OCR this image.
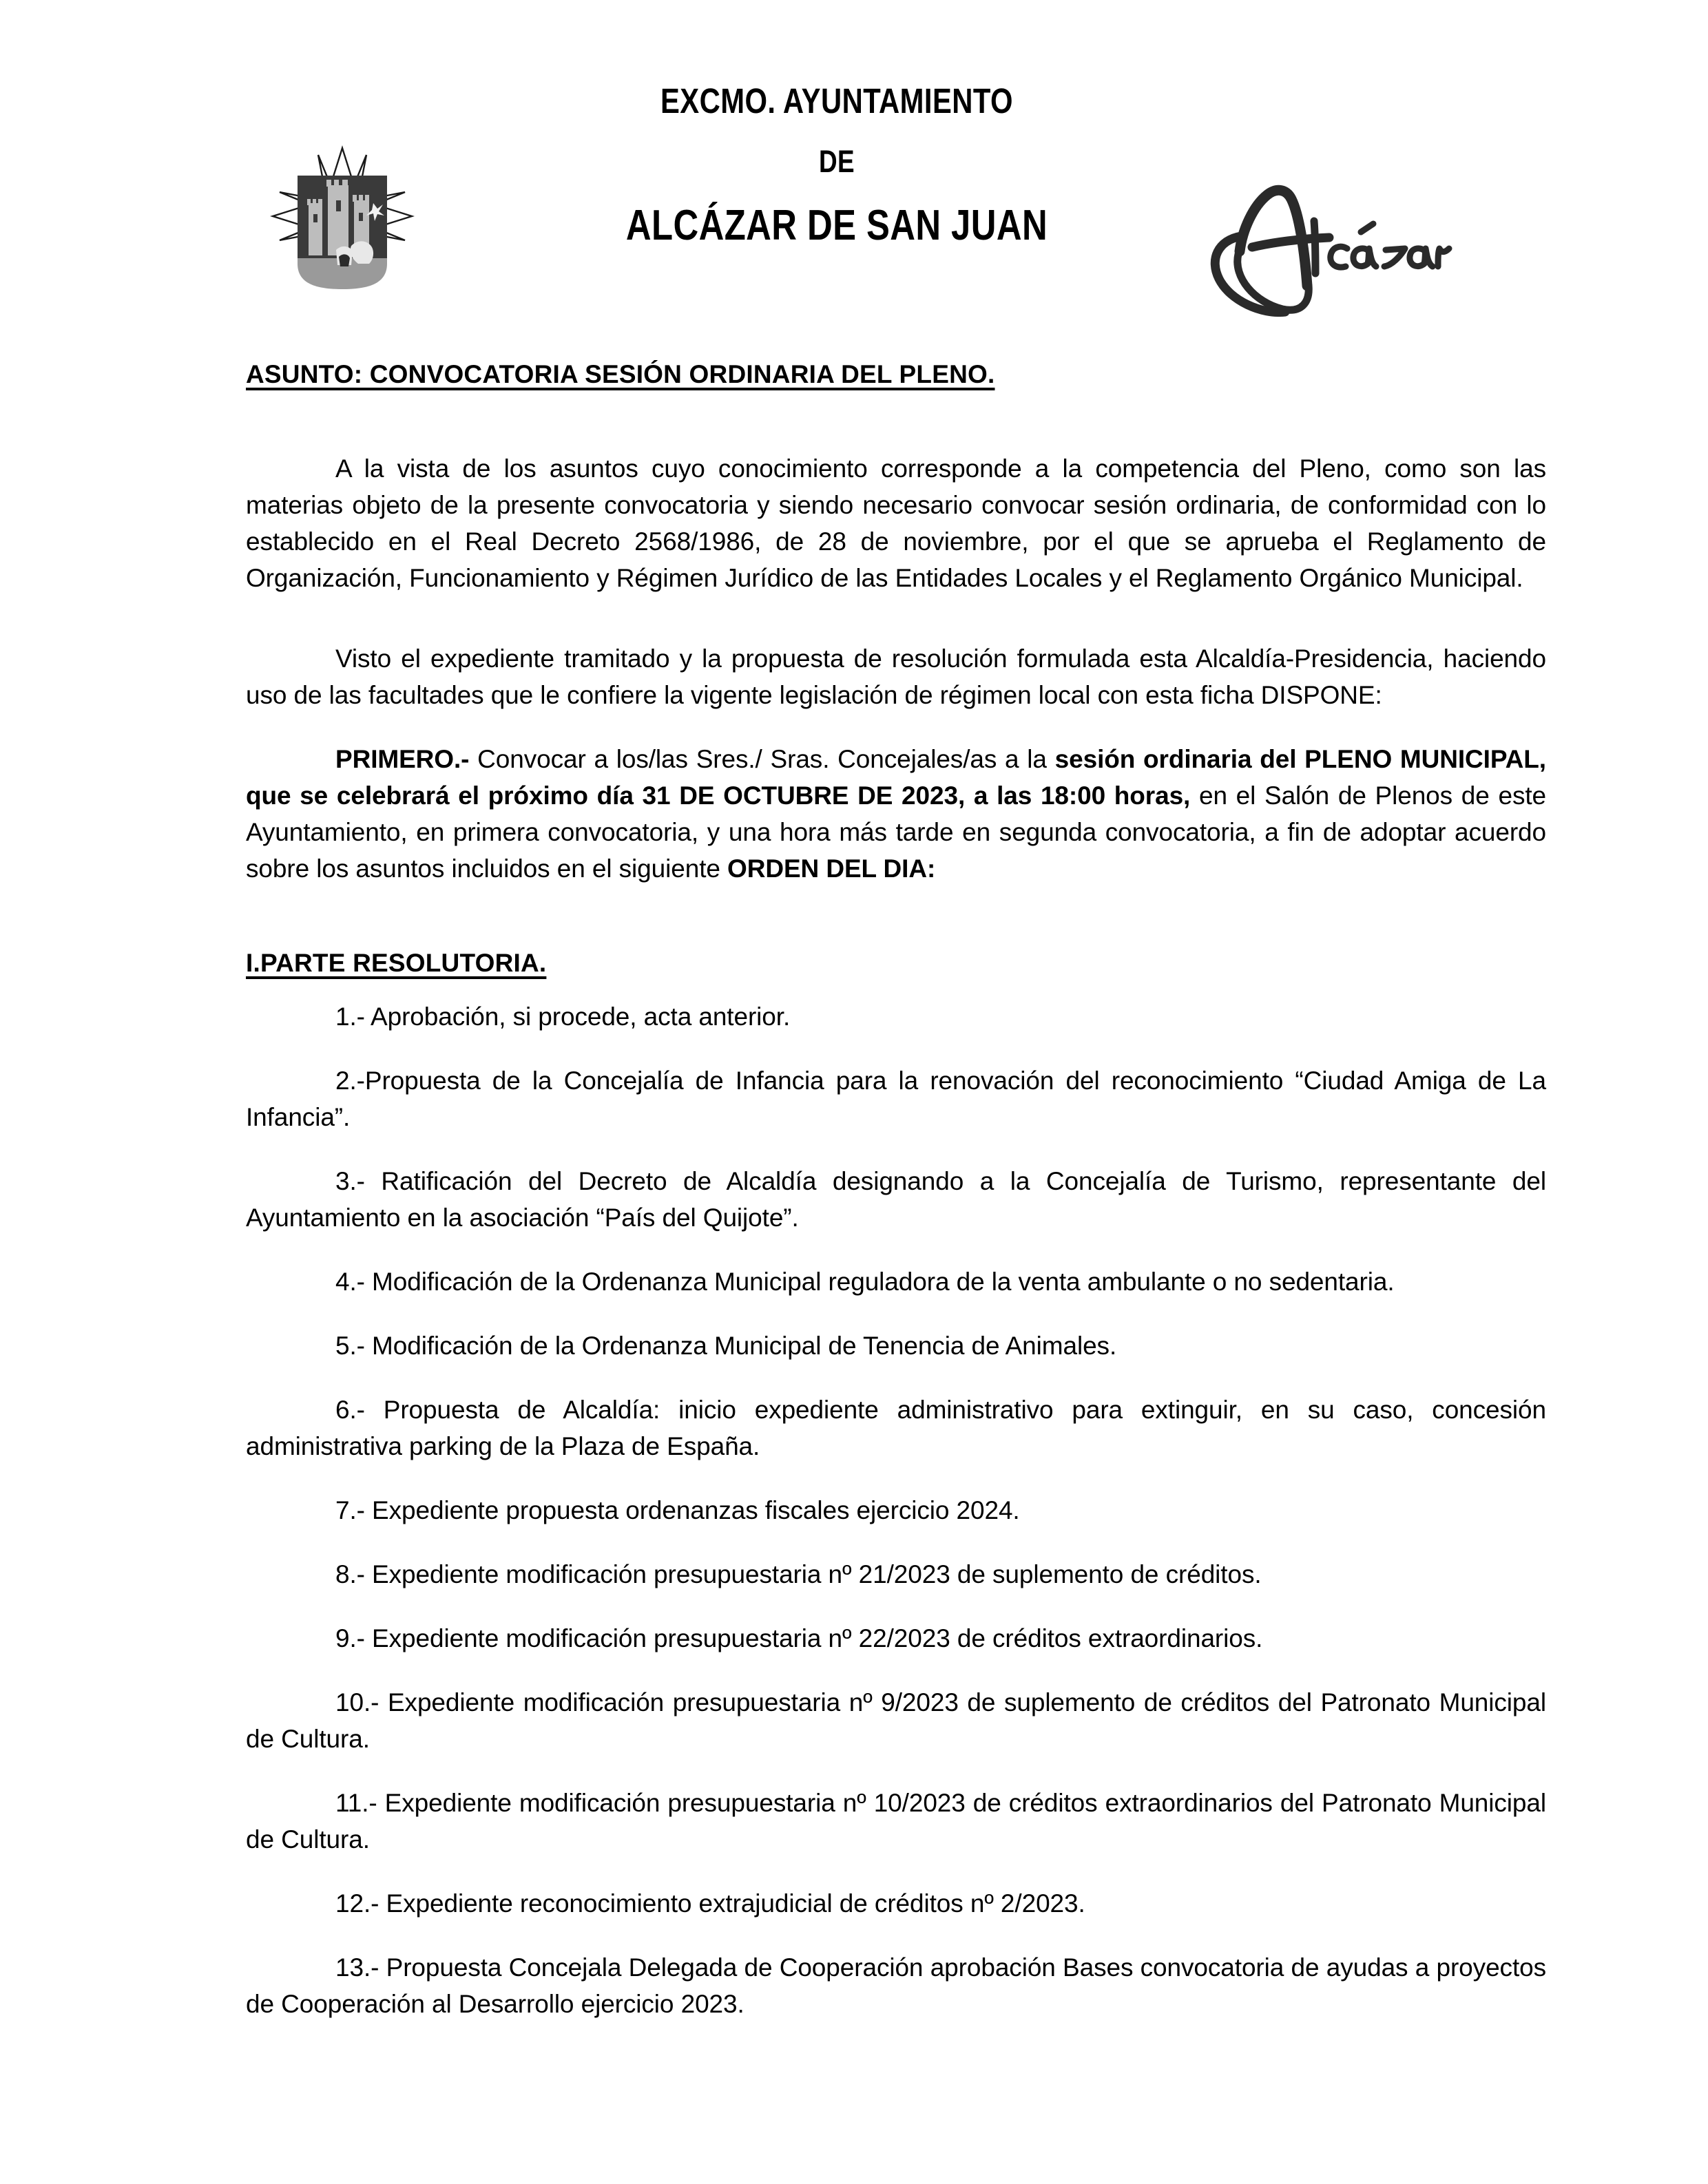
EXCMO. AYUNTAMIENTO
DE
ALCÁZAR DE SAN JUAN
ASUNTO: CONVOCATORIA SESIÓN ORDINARIA DEL PLENO.

A la vista de los asuntos cuyo conocimiento corresponde a la competencia del Pleno, como son las materias objeto de la presente convocatoria y siendo necesario convocar sesión ordinaria, de conformidad con lo establecido en el Real Decreto 2568/1986, de 28 de noviembre, por el que se aprueba el Reglamento de Organización, Funcionamiento y Régimen Jurídico de las Entidades Locales y el Reglamento Orgánico Municipal.

Visto el expediente tramitado y la propuesta de resolución formulada esta Alcaldía-Presidencia, haciendo uso de las facultades que le confiere la vigente legislación de régimen local con esta ficha DISPONE:

PRIMERO.- Convocar a los/las Sres./ Sras. Concejales/as a la sesión ordinaria del PLENO MUNICIPAL, que se celebrará el próximo día 31 DE OCTUBRE DE 2023, a las 18:00 horas, en el Salón de Plenos de este Ayuntamiento, en primera convocatoria, y una hora más tarde en segunda convocatoria, a fin de adoptar acuerdo sobre los asuntos incluidos en el siguiente ORDEN DEL DIA:

I.PARTE RESOLUTORIA.
1.- Aprobación, si procede, acta anterior.
2.-Propuesta de la Concejalía de Infancia para la renovación del reconocimiento “Ciudad Amiga de La Infancia”.
3.- Ratificación del Decreto de Alcaldía designando a la Concejalía de Turismo, representante del Ayuntamiento en la asociación “País del Quijote”.
4.- Modificación de la Ordenanza Municipal reguladora de la venta ambulante o no sedentaria.
5.- Modificación de la Ordenanza Municipal de Tenencia de Animales.
6.- Propuesta de Alcaldía: inicio expediente administrativo para extinguir, en su caso, concesión administrativa parking de la Plaza de España.
7.- Expediente propuesta ordenanzas fiscales ejercicio 2024.
8.- Expediente modificación presupuestaria nº 21/2023 de suplemento de créditos.
9.- Expediente modificación presupuestaria nº 22/2023 de créditos extraordinarios.
10.- Expediente modificación presupuestaria nº 9/2023 de suplemento de créditos del Patronato Municipal de Cultura.
11.- Expediente modificación presupuestaria nº 10/2023 de créditos extraordinarios del Patronato Municipal de Cultura.
12.- Expediente reconocimiento extrajudicial de créditos nº 2/2023.
13.- Propuesta Concejala Delegada de Cooperación aprobación Bases convocatoria de ayudas a proyectos de Cooperación al Desarrollo ejercicio 2023.
